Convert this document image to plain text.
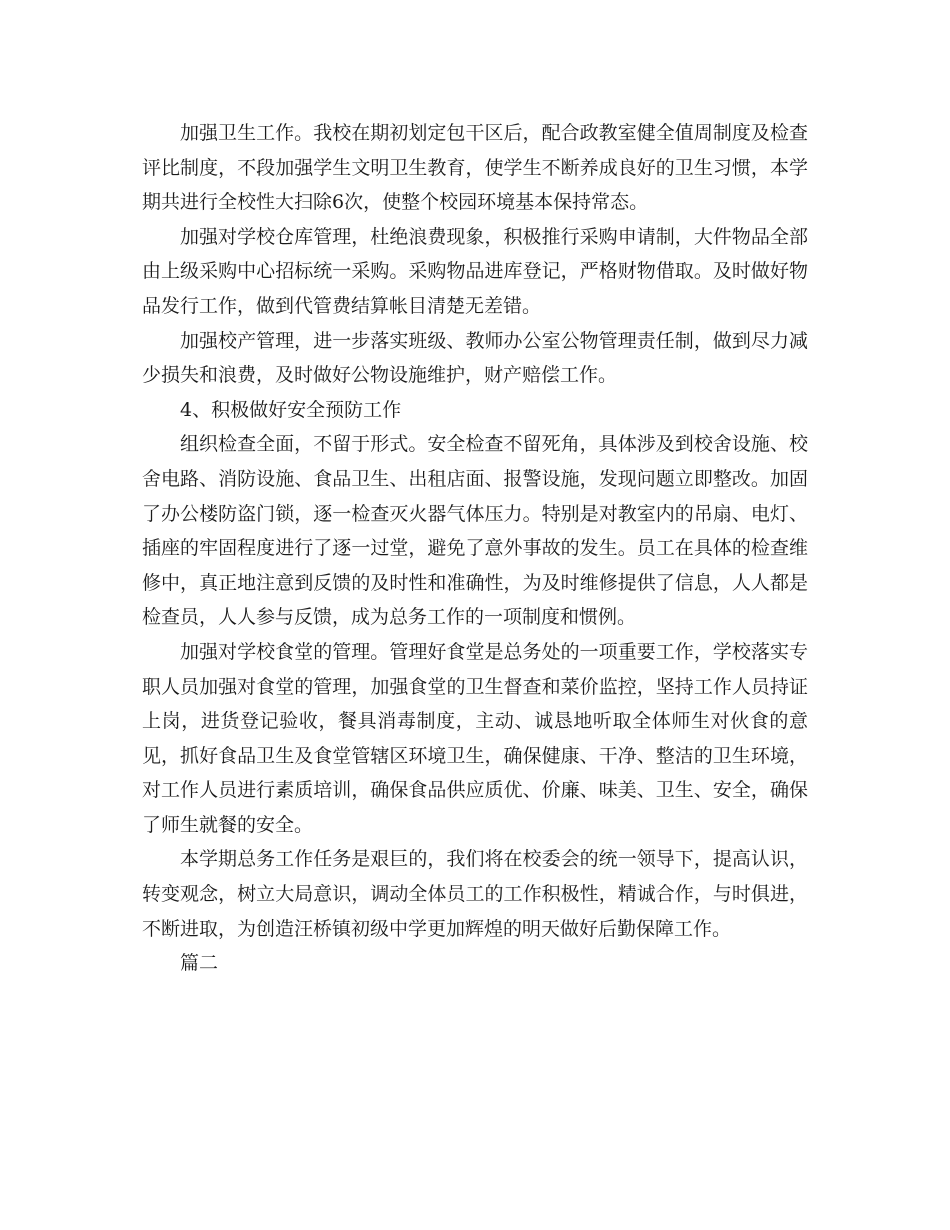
加强卫生工作。我校在期初划定包干区后，配合政教室健全值周制度及检查评比制度，不段加强学生文明卫生教育，使学生不断养成良好的卫生习惯，本学期共进行全校性大扫除6次，使整个校园环境基本保持常态。

加强对学校仓库管理，杜绝浪费现象，积极推行采购申请制，大件物品全部由上级采购中心招标统一采购。采购物品进库登记，严格财物借取。及时做好物品发行工作，做到代管费结算帐目清楚无差错。

加强校产管理，进一步落实班级、教师办公室公物管理责任制，做到尽力减少损失和浪费，及时做好公物设施维护，财产赔偿工作。

4、积极做好安全预防工作

组织检查全面，不留于形式。安全检查不留死角，具体涉及到校舍设施、校舍电路、消防设施、食品卫生、出租店面、报警设施，发现问题立即整改。加固了办公楼防盗门锁，逐一检查灭火器气体压力。特别是对教室内的吊扇、电灯、插座的牢固程度进行了逐一过堂，避免了意外事故的发生。员工在具体的检查维修中，真正地注意到反馈的及时性和准确性，为及时维修提供了信息，人人都是检查员，人人参与反馈，成为总务工作的一项制度和惯例。

加强对学校食堂的管理。管理好食堂是总务处的一项重要工作，学校落实专职人员加强对食堂的管理，加强食堂的卫生督查和菜价监控，坚持工作人员持证上岗，进货登记验收，餐具消毒制度，主动、诚恳地听取全体师生对伙食的意见，抓好食品卫生及食堂管辖区环境卫生，确保健康、干净、整洁的卫生环境，对工作人员进行素质培训，确保食品供应质优、价廉、味美、卫生、安全，确保了师生就餐的安全。

本学期总务工作任务是艰巨的，我们将在校委会的统一领导下，提高认识，转变观念，树立大局意识，调动全体员工的工作积极性，精诚合作，与时俱进，不断进取，为创造汪桥镇初级中学更加辉煌的明天做好后勤保障工作。

篇二
